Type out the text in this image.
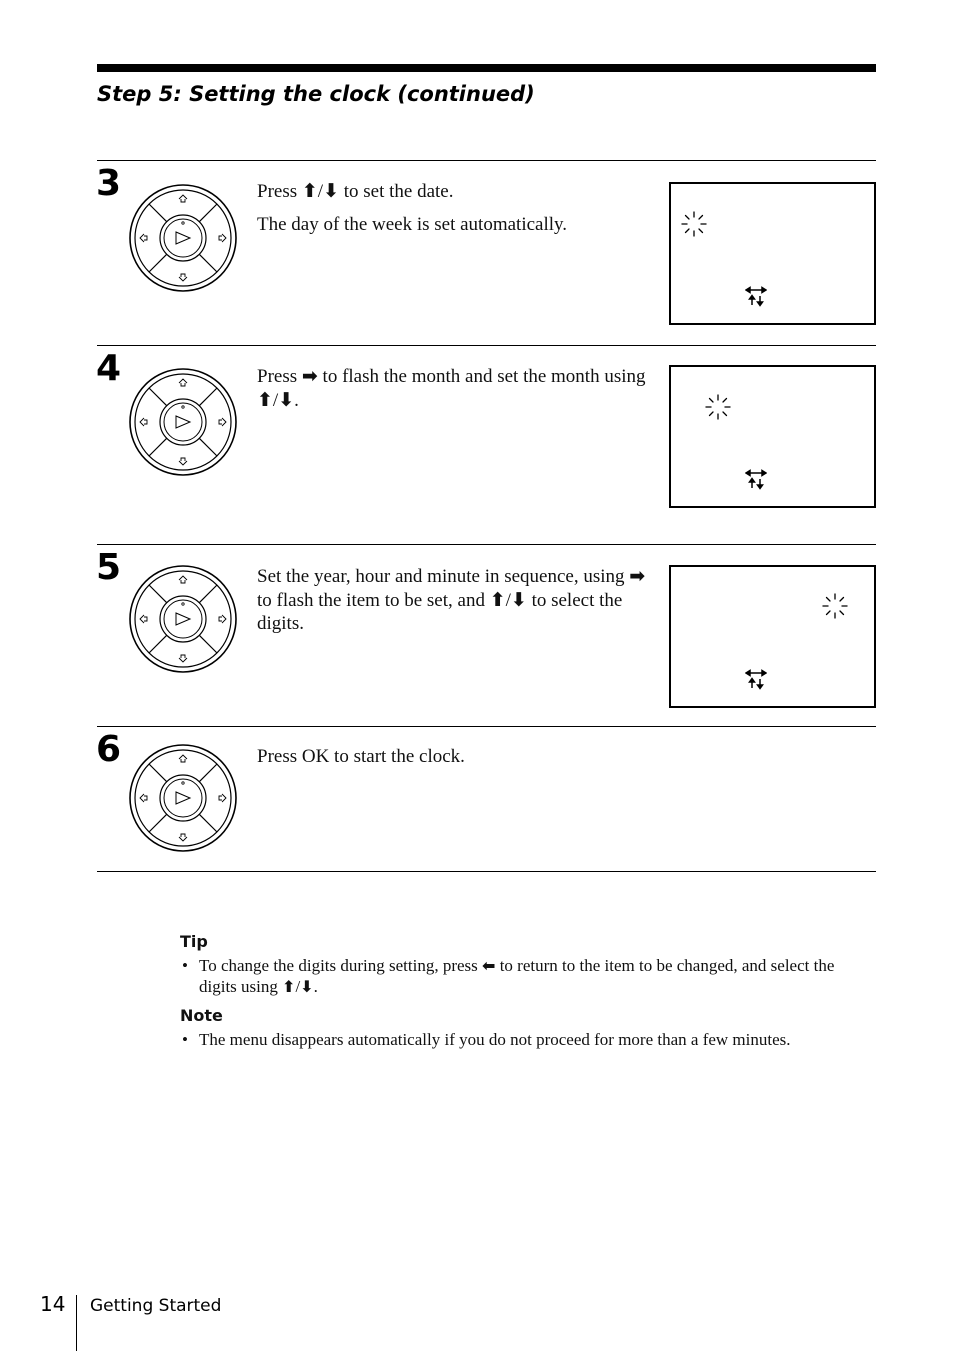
Step 5: Setting the clock (continued)
3	Press ⬆/⬇ to set the date.

The day of the week is set automatically.

4	Press ➡ to flash the month and set the month using ⬆/⬇.

5	Set the year, hour and minute in sequence, using ➡ to flash the item to be set, and ⬆/⬇ to select the digits.

6	Press OK to start the clock.

Tip
• To change the digits during setting, press ⬅ to return to the item to be changed, and select the digits using ⬆/⬇.
Note
• The menu disappears automatically if you do not proceed for more than a few minutes.
14 Getting Started
